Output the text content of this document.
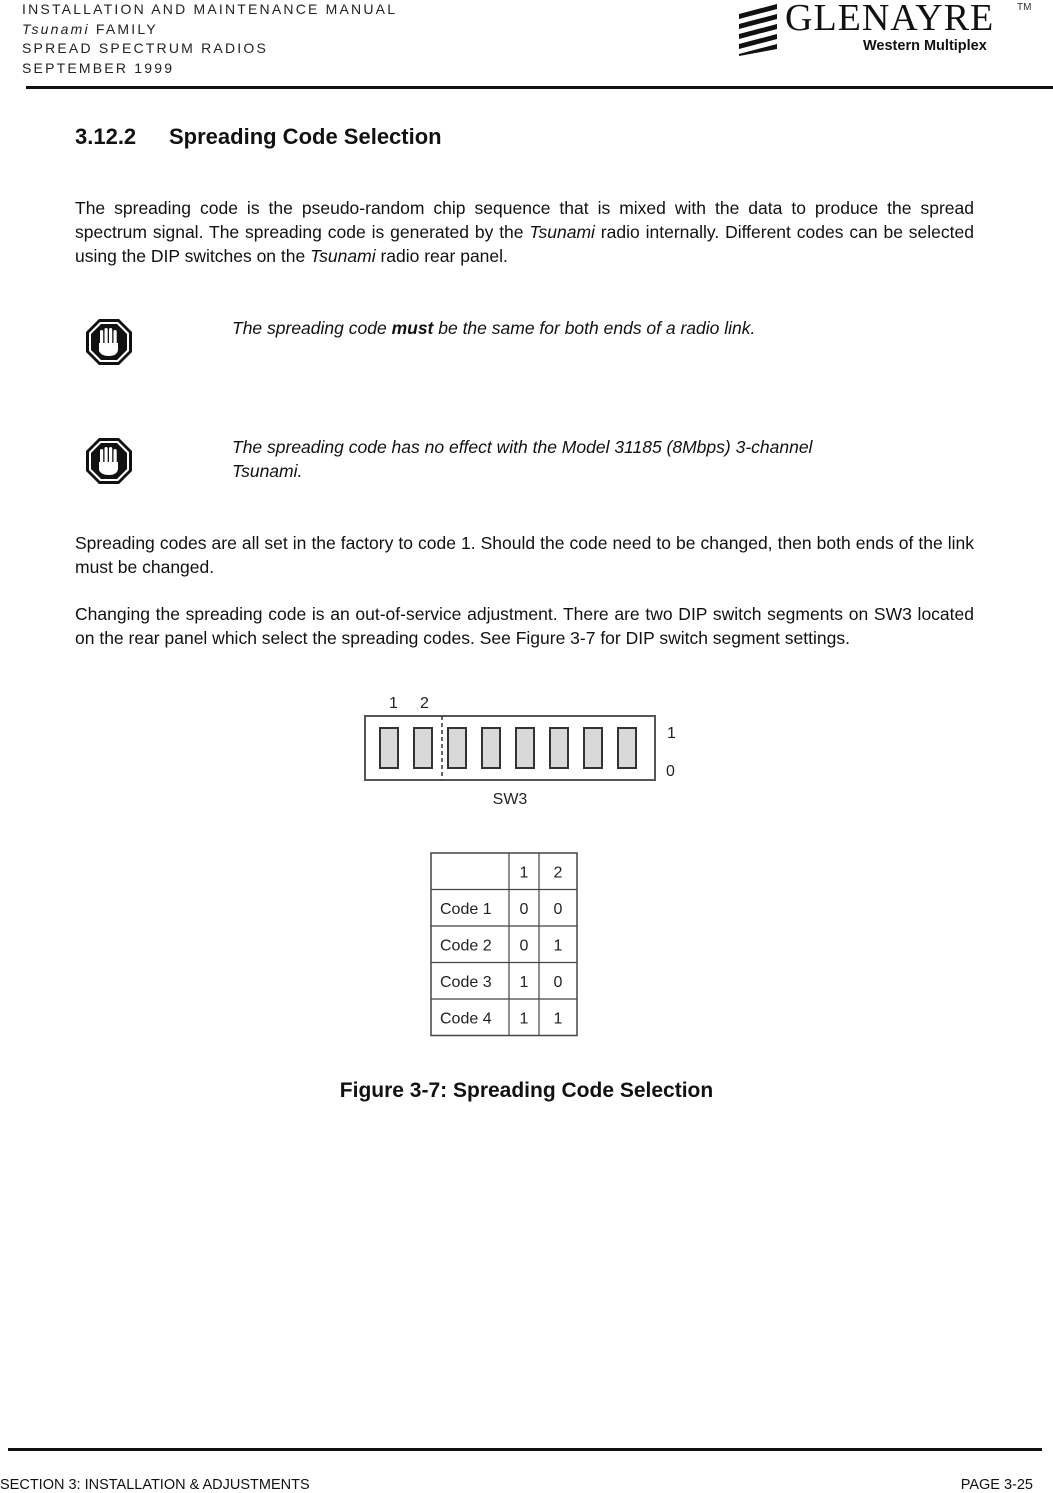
INSTALLATION AND MAINTENANCE MANUAL
Tsunami FAMILY
SPREAD SPECTRUM RADIOS
SEPTEMBER 1999
GLENAYRE TM
Western Multiplex
3.12.2 Spreading Code Selection

The spreading code is the pseudo-random chip sequence that is mixed with the data to produce the spread spectrum signal. The spreading code is generated by the Tsunami radio internally. Different codes can be selected using the DIP switches on the Tsunami radio rear panel.

The spreading code must be the same for both ends of a radio link.

The spreading code has no effect with the Model 31185 (8Mbps) 3-channel Tsunami.

Spreading codes are all set in the factory to code 1. Should the code need to be changed, then both ends of the link must be changed.

Changing the spreading code is an out-of-service adjustment. There are two DIP switch segments on SW3 located on the rear panel which select the spreading codes. See Figure 3-7 for DIP switch segment settings.

1 2
1
0
SW3
1 2
Code 1 0 0
Code 2 0 1
Code 3 1 0
Code 4 1 1

Figure 3-7: Spreading Code Selection

SECTION 3: INSTALLATION & ADJUSTMENTS	PAGE 3-25
